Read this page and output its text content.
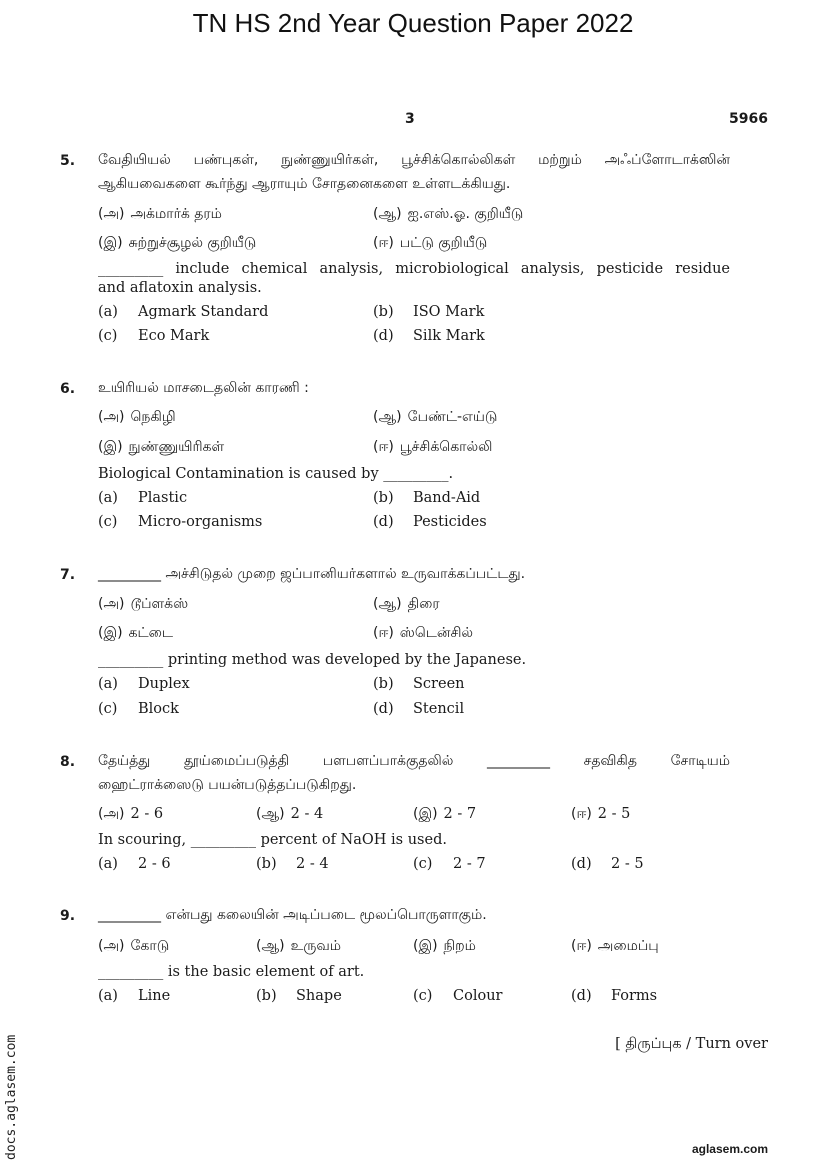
TN HS 2nd Year Question Paper 2022
3	5966
5. வேதியியல் பண்புகள், நுண்ணுயிர்கள், பூச்சிக்கொல்லிகள் மற்றும் அஃப்ளோடாக்ஸின்
ஆகியவைகளை கூர்ந்து ஆராயும் சோதனைகளை உள்ளடக்கியது.
(அ) அக்மார்க் தரம்	(ஆ) ஐ.எஸ்.ஓ. குறியீடு
(இ) சுற்றுச்சூழல் குறியீடு	(ஈ) பட்டு குறியீடு
_________ include chemical analysis, microbiological analysis, pesticide residue
and aflatoxin analysis.
(a) Agmark Standard	(b) ISO Mark
(c) Eco Mark	(d) Silk Mark
6. உயிரியல் மாசடைதலின் காரணி :
(அ) நெகிழி	(ஆ) பேண்ட்-எய்டு
(இ) நுண்ணுயிரிகள்	(ஈ) பூச்சிக்கொல்லி
Biological Contamination is caused by _________.
(a) Plastic	(b) Band-Aid
(c) Micro-organisms	(d) Pesticides
7. _________ அச்சிடுதல் முறை ஜப்பானியர்களால் உருவாக்கப்பட்டது.
(அ) டூப்ளக்ஸ்	(ஆ) திரை
(இ) கட்டை	(ஈ) ஸ்டென்சில்
_________ printing method was developed by the Japanese.
(a) Duplex	(b) Screen
(c) Block	(d) Stencil
8. தேய்த்து தூய்மைப்படுத்தி பளபளப்பாக்குதலில் _________ சதவிகித சோடியம்
ஹைட்ராக்ஸைடு பயன்படுத்தப்படுகிறது.
(அ) 2 - 6	(ஆ) 2 - 4	(இ) 2 - 7	(ஈ) 2 - 5
In scouring, _________ percent of NaOH is used.
(a) 2 - 6	(b) 2 - 4	(c) 2 - 7	(d) 2 - 5
9. _________ என்பது கலையின் அடிப்படை மூலப்பொருளாகும்.
(அ) கோடு	(ஆ) உருவம்	(இ) நிறம்	(ஈ) அமைப்பு
_________ is the basic element of art.
(a) Line	(b) Shape	(c) Colour	(d) Forms
[ திருப்புக / Turn over
docs.aglasem.com	aglasem.com
